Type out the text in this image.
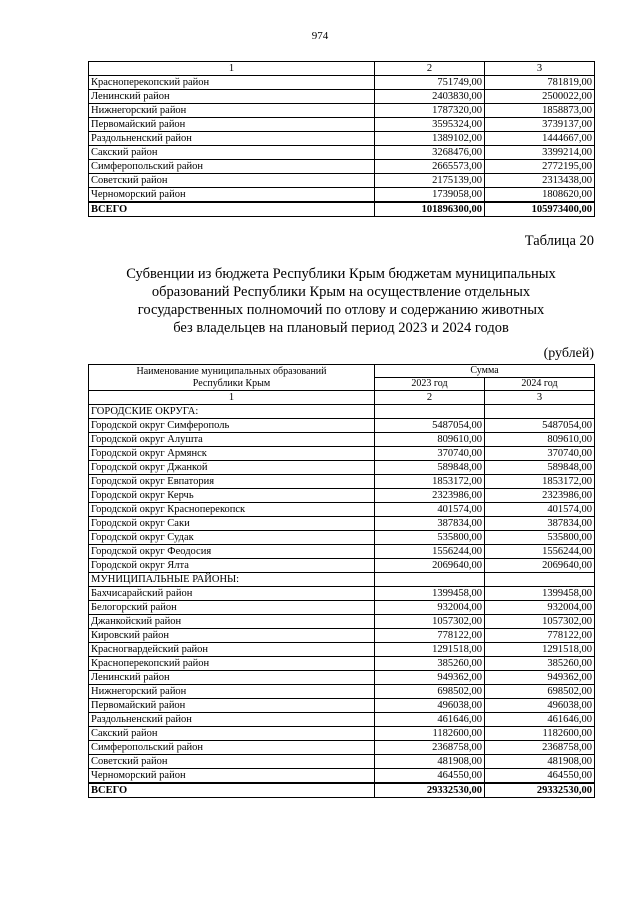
974
1	2	3
Красноперекопский район	751749,00	781819,00
Ленинский район	2403830,00	2500022,00
Нижнегорский район	1787320,00	1858873,00
Первомайский район	3595324,00	3739137,00
Раздольненский район	1389102,00	1444667,00
Сакский район	3268476,00	3399214,00
Симферопольский район	2665573,00	2772195,00
Советский район	2175139,00	2313438,00
Черноморский район	1739058,00	1808620,00
ВСЕГО	101896300,00	105973400,00
Таблица 20
Субвенции из бюджета Республики Крым бюджетам муниципальных
образований Республики Крым на осуществление отдельных
государственных полномочий по отлову и содержанию животных
без владельцев на плановый период 2023 и 2024 годов
(рублей)
Наименование муниципальных образований Республики Крым	Сумма	
	2023 год	2024 год
1	2	3
ГОРОДСКИЕ ОКРУГА:		
Городской округ Симферополь	5487054,00	5487054,00
Городской округ Алушта	809610,00	809610,00
Городской округ Армянск	370740,00	370740,00
Городской округ Джанкой	589848,00	589848,00
Городской округ Евпатория	1853172,00	1853172,00
Городской округ Керчь	2323986,00	2323986,00
Городской округ Красноперекопск	401574,00	401574,00
Городской округ Саки	387834,00	387834,00
Городской округ Судак	535800,00	535800,00
Городской округ Феодосия	1556244,00	1556244,00
Городской округ Ялта	2069640,00	2069640,00
МУНИЦИПАЛЬНЫЕ РАЙОНЫ:		
Бахчисарайский район	1399458,00	1399458,00
Белогорский район	932004,00	932004,00
Джанкойский район	1057302,00	1057302,00
Кировский район	778122,00	778122,00
Красногвардейский район	1291518,00	1291518,00
Красноперекопский район	385260,00	385260,00
Ленинский район	949362,00	949362,00
Нижнегорский район	698502,00	698502,00
Первомайский район	496038,00	496038,00
Раздольненский район	461646,00	461646,00
Сакский район	1182600,00	1182600,00
Симферопольский район	2368758,00	2368758,00
Советский район	481908,00	481908,00
Черноморский район	464550,00	464550,00
ВСЕГО	29332530,00	29332530,00
